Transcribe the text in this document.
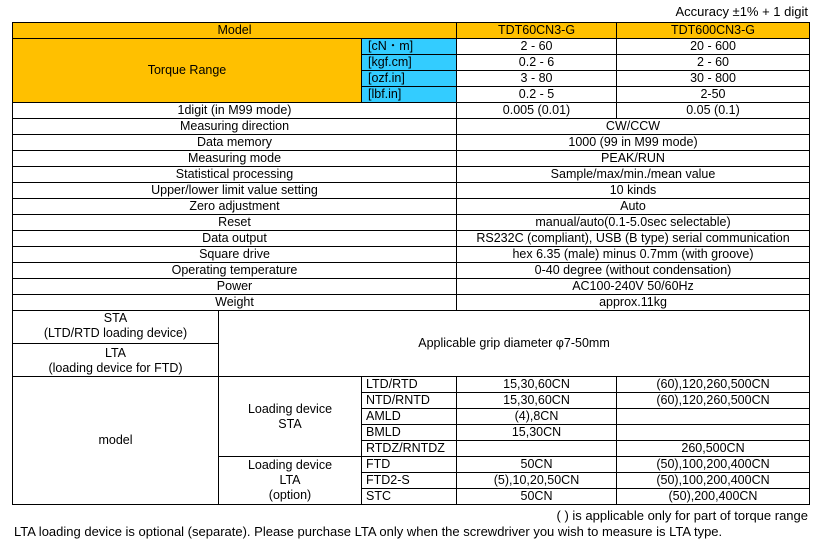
Accuracy ±1% + 1 digit
Model			TDT60CN3-G	TDT600CN3-G
Torque Range		[cN・m]	2 - 60	20 - 600
		[kgf.cm]	0.2 - 6	2 - 60
		[ozf.in]	3 - 80	30 - 800
		[lbf.in]	0.2 - 5	2-50
1digit (in M99 mode)			0.005 (0.01)	0.05 (0.1)
Measuring direction			CW/CCW	
Data memory			1000 (99 in M99 mode)	
Measuring mode			PEAK/RUN	
Statistical processing			Sample/max/min./mean value	
Upper/lower limit value setting			10 kinds	
Zero adjustment			Auto	
Reset			manual/auto(0.1-5.0sec selectable)	
Data output			RS232C (compliant), USB (B type) serial communication	
Square drive			hex 6.35 (male) minus 0.7mm (with groove)	
Operating temperature			0-40 degree (without condensation)	
Power			AC100-240V 50/60Hz	
Weight			approx.11kg	

STA
(LTD/RTD loading device)
LTA
(loading device for FTD)	Applicable grip diameter φ7-50mm			
model	Loading device
STA	LTD/RTD	15,30,60CN	(60),120,260,500CN
		NTD/RNTD	15,30,60CN	(60),120,260,500CN
		AMLD	(4),8CN	
		BMLD	15,30CN	
		RTDZ/RNTDZ		260,500CN

	Loading device
LTA
(option)	FTD	50CN	(50),100,200,400CN
		FTD2-S	(5),10,20,50CN	(50),100,200,400CN
		STC	50CN	(50),200,400CN
( ) is applicable only for part of torque range
LTA loading device is optional (separate). Please purchase LTA only when the screwdriver you wish to measure is LTA type.
